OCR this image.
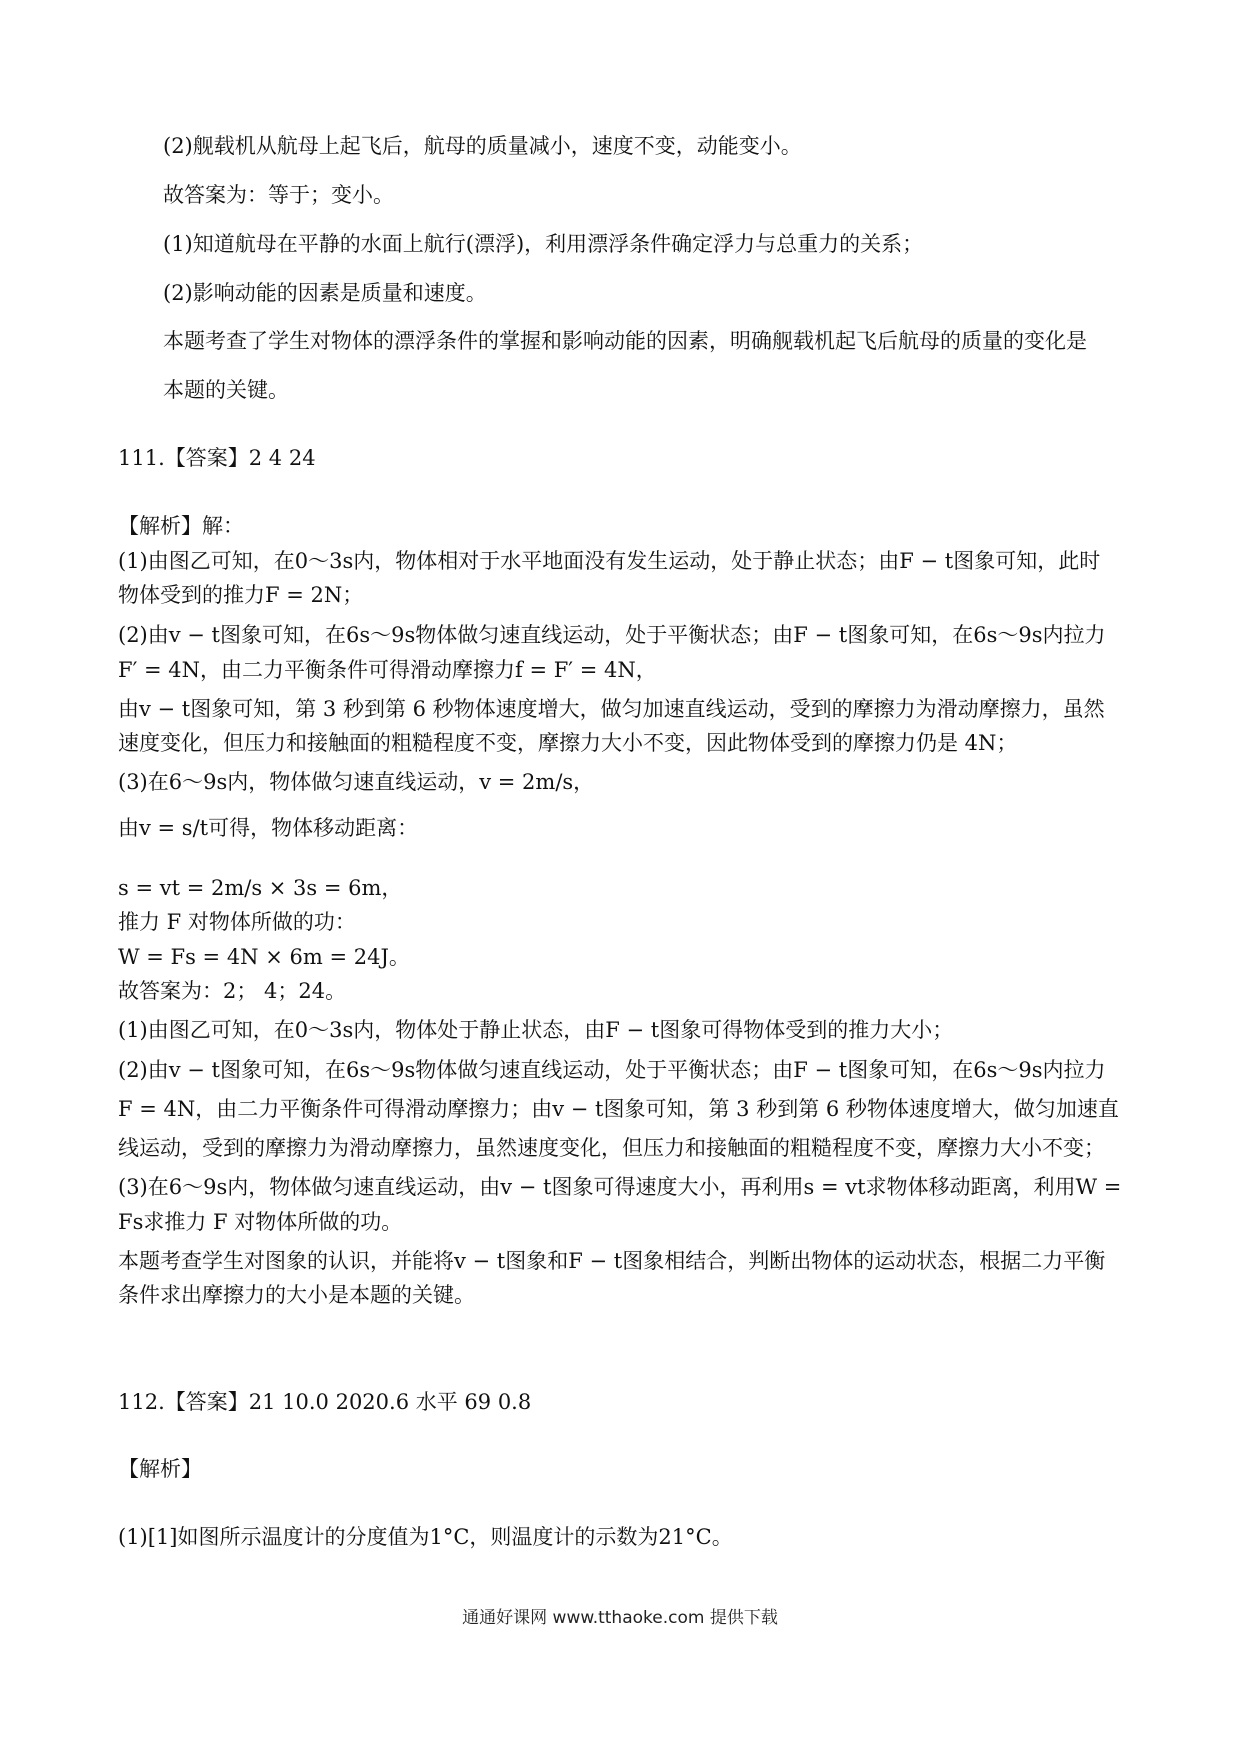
(2)舰载机从航母上起飞后，航母的质量减小，速度不变，动能变小。
故答案为：等于；变小。
(1)知道航母在平静的水面上航行(漂浮)，利用漂浮条件确定浮力与总重力的关系；
(2)影响动能的因素是质量和速度。
本题考查了学生对物体的漂浮条件的掌握和影响动能的因素，明确舰载机起飞后航母的质量的变化是
本题的关键。
111.【答案】2 4 24
【解析】解：
(1)由图乙可知，在0～3s内，物体相对于水平地面没有发生运动，处于静止状态；由F − t图象可知，此时
物体受到的推力F = 2N；
(2)由v − t图象可知，在6s～9s物体做匀速直线运动，处于平衡状态；由F − t图象可知，在6s～9s内拉力
F′ = 4N，由二力平衡条件可得滑动摩擦力f = F′ = 4N，
由v − t图象可知，第 3 秒到第 6 秒物体速度增大，做匀加速直线运动，受到的摩擦力为滑动摩擦力，虽然
速度变化，但压力和接触面的粗糙程度不变，摩擦力大小不变，因此物体受到的摩擦力仍是 4N；
(3)在6～9s内，物体做匀速直线运动，v = 2m/s，
由v = s/t可得，物体移动距离：
s = vt = 2m/s × 3s = 6m，
推力 F 对物体所做的功：
W = Fs = 4N × 6m = 24J。
故答案为：2； 4；24。
(1)由图乙可知，在0～3s内，物体处于静止状态，由F − t图象可得物体受到的推力大小；
(2)由v − t图象可知，在6s～9s物体做匀速直线运动，处于平衡状态；由F − t图象可知，在6s～9s内拉力
F = 4N，由二力平衡条件可得滑动摩擦力；由v − t图象可知，第 3 秒到第 6 秒物体速度增大，做匀加速直
线运动，受到的摩擦力为滑动摩擦力，虽然速度变化，但压力和接触面的粗糙程度不变，摩擦力大小不变；
(3)在6～9s内，物体做匀速直线运动，由v − t图象可得速度大小，再利用s = vt求物体移动距离，利用W =
Fs求推力 F 对物体所做的功。
本题考查学生对图象的认识，并能将v − t图象和F − t图象相结合，判断出物体的运动状态，根据二力平衡
条件求出摩擦力的大小是本题的关键。
112.【答案】21 10.0 2020.6 水平 69 0.8
【解析】
(1)[1]如图所示温度计的分度值为1°C，则温度计的示数为21°C。
通通好课网 www.tthaoke.com 提供下载
